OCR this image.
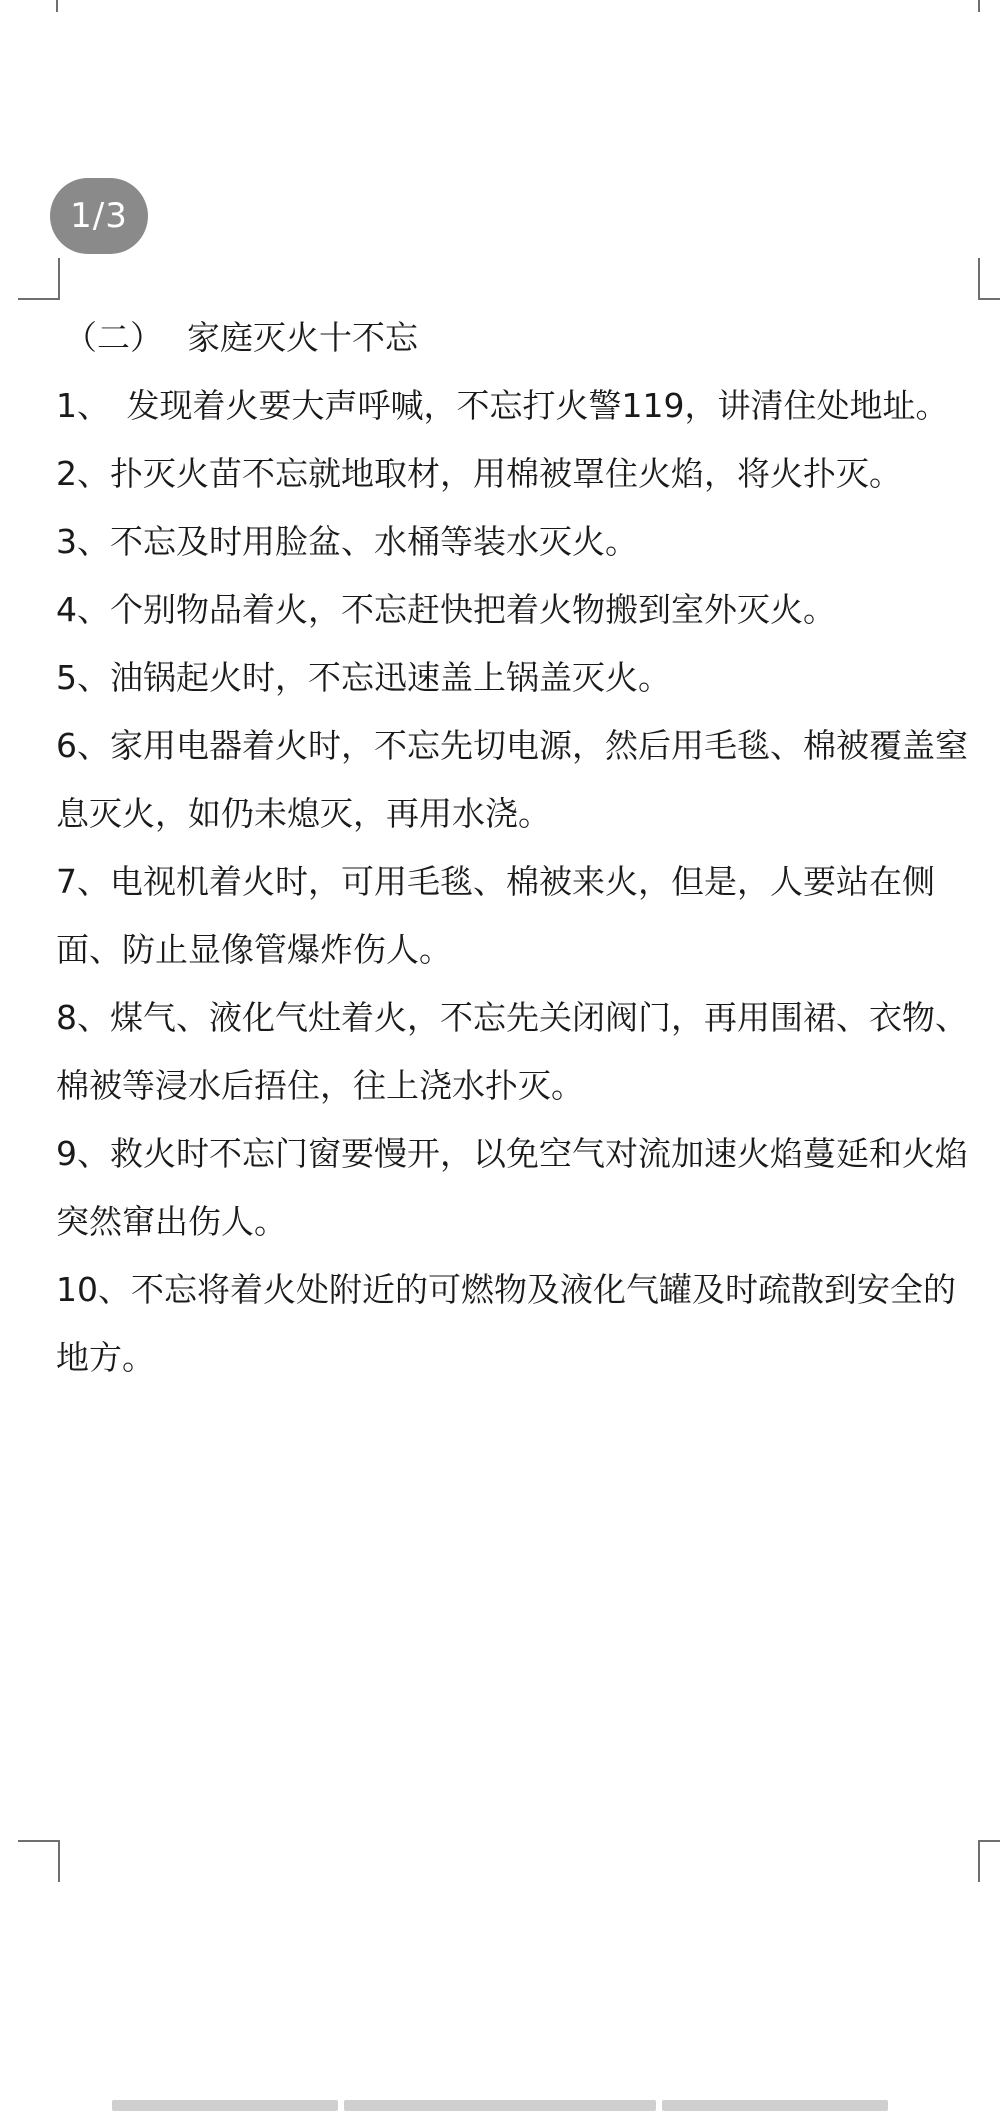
1/3

（二） 家庭灭火十不忘

1、　发现着火要大声呼喊，不忘打火警119，讲清住处地址。2、扑灭火苗不忘就地取材，用棉被罩住火焰，将火扑灭。

3、不忘及时用脸盆、水桶等装水灭火。

4、个别物品着火，不忘赶快把着火物搬到室外灭火。

5、油锅起火时，不忘迅速盖上锅盖灭火。

6、家用电器着火时，不忘先切电源，然后用毛毯、棉被覆盖窒息灭火，如仍未熄灭，再用水浇。

7、电视机着火时，可用毛毯、棉被来火，但是，人要站在侧面、防止显像管爆炸伤人。

8、煤气、液化气灶着火，不忘先关闭阀门，再用围裙、衣物、棉被等浸水后捂住，往上浇水扑灭。

9、救火时不忘门窗要慢开，以免空气对流加速火焰蔓延和火焰突然窜出伤人。

10、不忘将着火处附近的可燃物及液化气罐及时疏散到安全的地方。
